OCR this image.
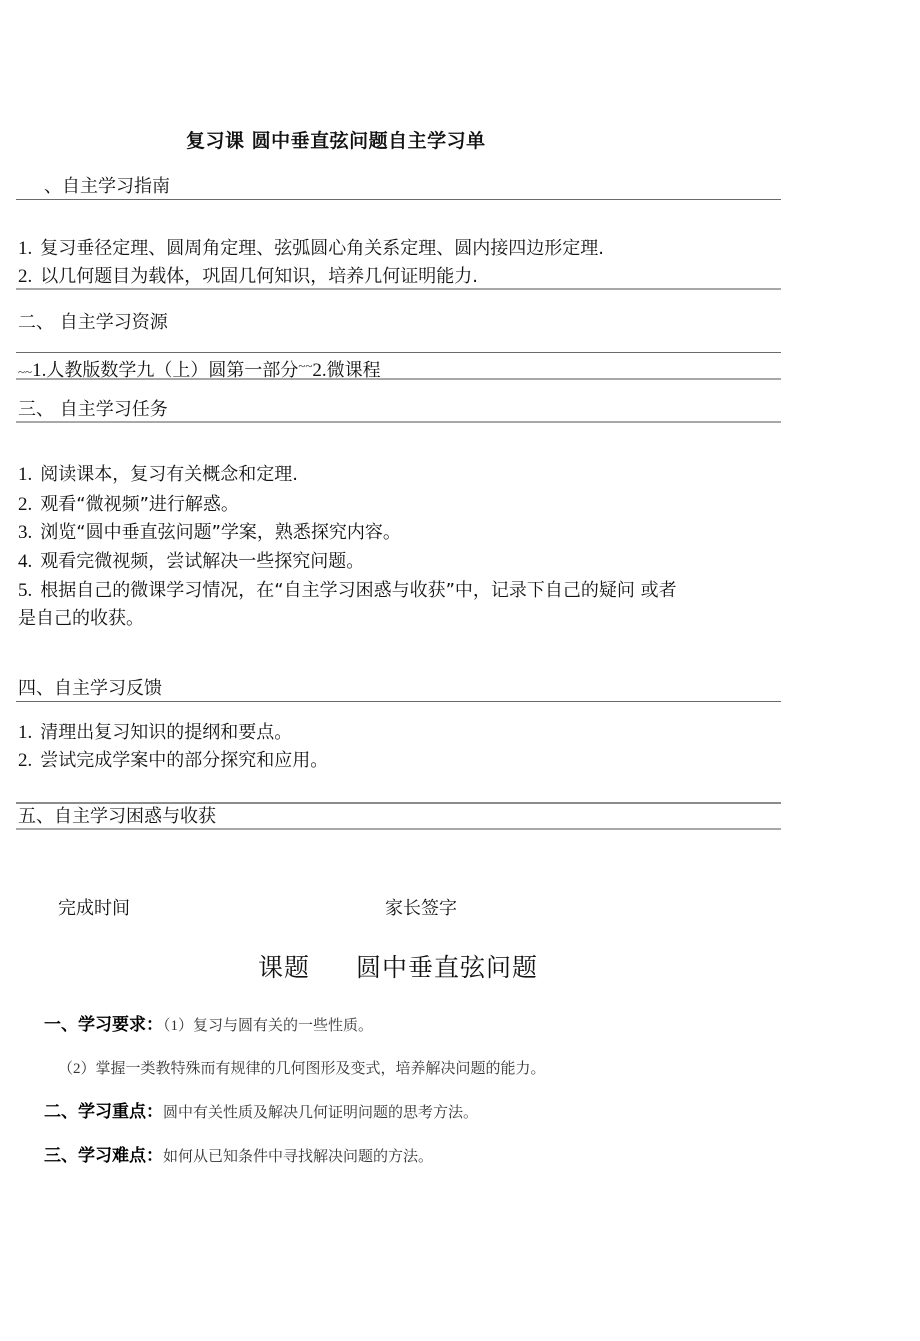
复习课 圆中垂直弦问题自主学习单
、自主学习指南
1. 复习垂径定理、圆周角定理、弦弧圆心角关系定理、圆内接四边形定理.
2. 以几何题目为载体，巩固几何知识，培养几何证明能力.
二、 自主学习资源
~~1.人教版数学九（上）圆第一部分~~2.微课程
三、 自主学习任务
1. 阅读课本，复习有关概念和定理.
2. 观看“微视频”进行解惑。
3. 浏览“圆中垂直弦问题”学案，熟悉探究内容。
4. 观看完微视频，尝试解决一些探究问题。
5. 根据自己的微课学习情况，在“自主学习困惑与收获”中，记录下自己的疑问 或者
是自己的收获。
四、自主学习反馈
1. 清理出复习知识的提纲和要点。
2. 尝试完成学案中的部分探究和应用。
五、自主学习困惑与收获
完成时间	家长签字
课题 圆中垂直弦问题
一、学习要求：（1）复习与圆有关的一些性质。
（2）掌握一类教特殊而有规律的几何图形及变式，培养解决问题的能力。
二、学习重点：圆中有关性质及解决几何证明问题的思考方法。
三、学习难点：如何从已知条件中寻找解决问题的方法。
